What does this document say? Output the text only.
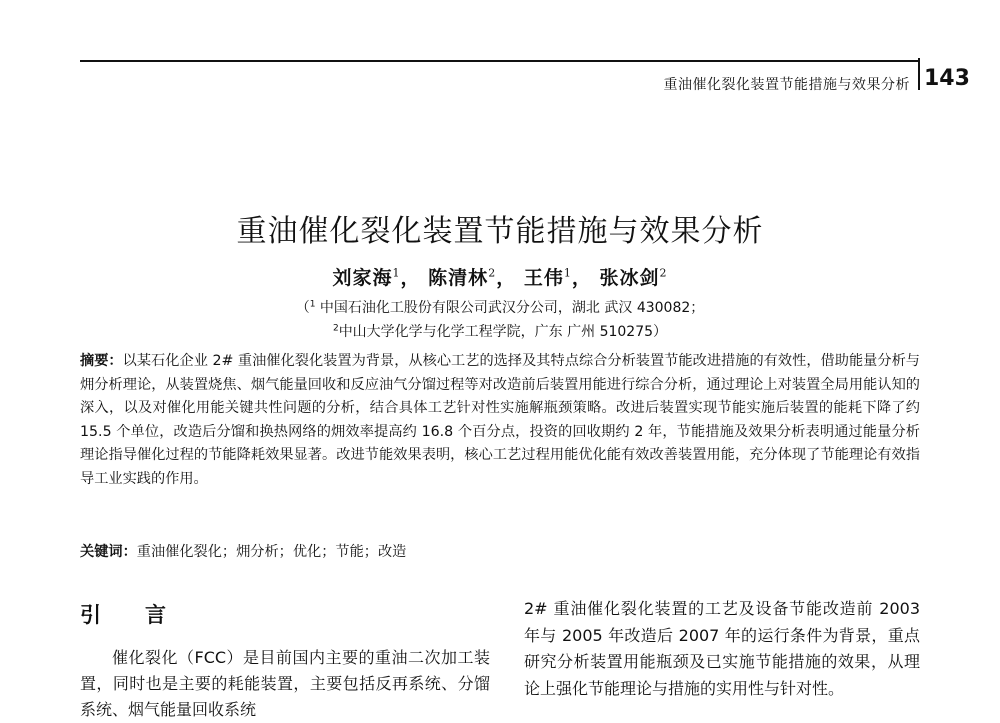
重油催化裂化装置节能措施与效果分析 143
重油催化裂化装置节能措施与效果分析
刘家海$^1$， 陈清林$^2$， 王伟$^1$， 张冰剑$^2$
（$^1$ 中国石油化工股份有限公司武汉分公司，湖北 武汉 430082；
$^2$中山大学化学与化学工程学院，广东 广州 510275）
摘要：以某石化企业 2# 重油催化裂化装置为背景，从核心工艺的选择及其特点综合分析装置节能改进措施的有效性，借助能量分析与㶲分析理论，从装置烧焦、烟气能量回收和反应油气分馏过程等对改造前后装置用能进行综合分析，通过理论上对装置全局用能认知的深入，以及对催化用能关键共性问题的分析，结合具体工艺针对性实施解瓶颈策略。改进后装置实现节能实施后装置的能耗下降了约 15.5 个单位，改造后分馏和换热网络的㶲效率提高约 16.8 个百分点，投资的回收期约 2 年，节能措施及效果分析表明通过能量分析理论指导催化过程的节能降耗效果显著。改进节能效果表明，核心工艺过程用能优化能有效改善装置用能，充分体现了节能理论有效指导工业实践的作用。
关键词：重油催化裂化；㶲分析；优化；节能；改造
引言

催化裂化（FCC）是目前国内主要的重油二次加工装置，同时也是主要的耗能装置，主要包括反再系统、分馏系统、烟气能量回收系统

2# 重油催化裂化装置的工艺及设备节能改造前 2003 年与 2005 年改造后 2007 年的运行条件为背景，重点研究分析装置用能瓶颈及已实施节能措施的效果，从理论上强化节能理论与措施的实用性与针对性。
